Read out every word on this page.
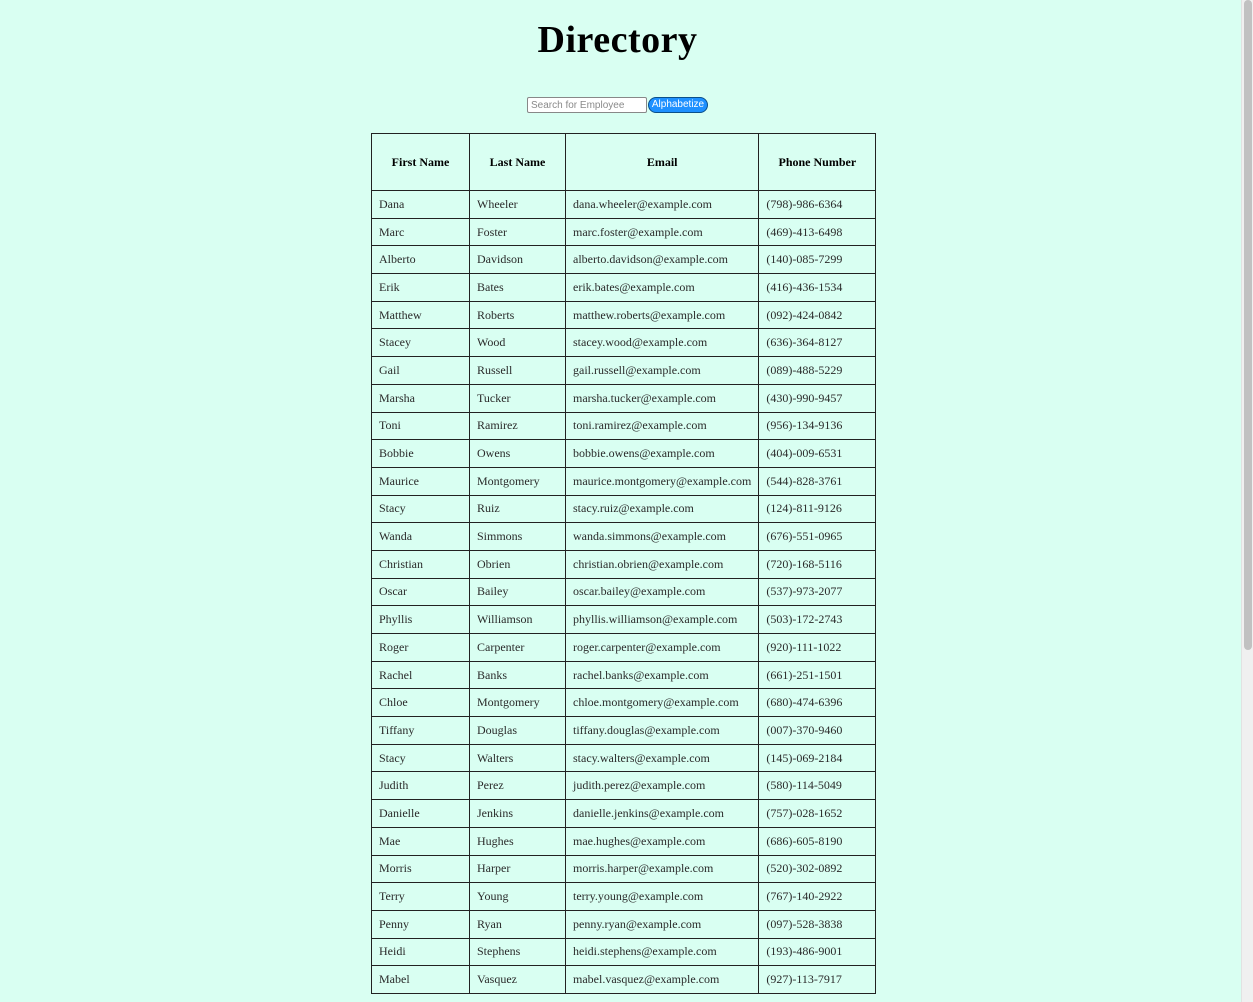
Directory
Search for Employee
Alphabetize
First Name	Last Name	Email	Phone Number
Dana	Wheeler	dana.wheeler@example.com	(798)-986-6364
Marc	Foster	marc.foster@example.com	(469)-413-6498
Alberto	Davidson	alberto.davidson@example.com	(140)-085-7299
Erik	Bates	erik.bates@example.com	(416)-436-1534
Matthew	Roberts	matthew.roberts@example.com	(092)-424-0842
Stacey	Wood	stacey.wood@example.com	(636)-364-8127
Gail	Russell	gail.russell@example.com	(089)-488-5229
Marsha	Tucker	marsha.tucker@example.com	(430)-990-9457
Toni	Ramirez	toni.ramirez@example.com	(956)-134-9136
Bobbie	Owens	bobbie.owens@example.com	(404)-009-6531
Maurice	Montgomery	maurice.montgomery@example.com	(544)-828-3761
Stacy	Ruiz	stacy.ruiz@example.com	(124)-811-9126
Wanda	Simmons	wanda.simmons@example.com	(676)-551-0965
Christian	Obrien	christian.obrien@example.com	(720)-168-5116
Oscar	Bailey	oscar.bailey@example.com	(537)-973-2077
Phyllis	Williamson	phyllis.williamson@example.com	(503)-172-2743
Roger	Carpenter	roger.carpenter@example.com	(920)-111-1022
Rachel	Banks	rachel.banks@example.com	(661)-251-1501
Chloe	Montgomery	chloe.montgomery@example.com	(680)-474-6396
Tiffany	Douglas	tiffany.douglas@example.com	(007)-370-9460
Stacy	Walters	stacy.walters@example.com	(145)-069-2184
Judith	Perez	judith.perez@example.com	(580)-114-5049
Danielle	Jenkins	danielle.jenkins@example.com	(757)-028-1652
Mae	Hughes	mae.hughes@example.com	(686)-605-8190
Morris	Harper	morris.harper@example.com	(520)-302-0892
Terry	Young	terry.young@example.com	(767)-140-2922
Penny	Ryan	penny.ryan@example.com	(097)-528-3838
Heidi	Stephens	heidi.stephens@example.com	(193)-486-9001
Mabel	Vasquez	mabel.vasquez@example.com	(927)-113-7917
